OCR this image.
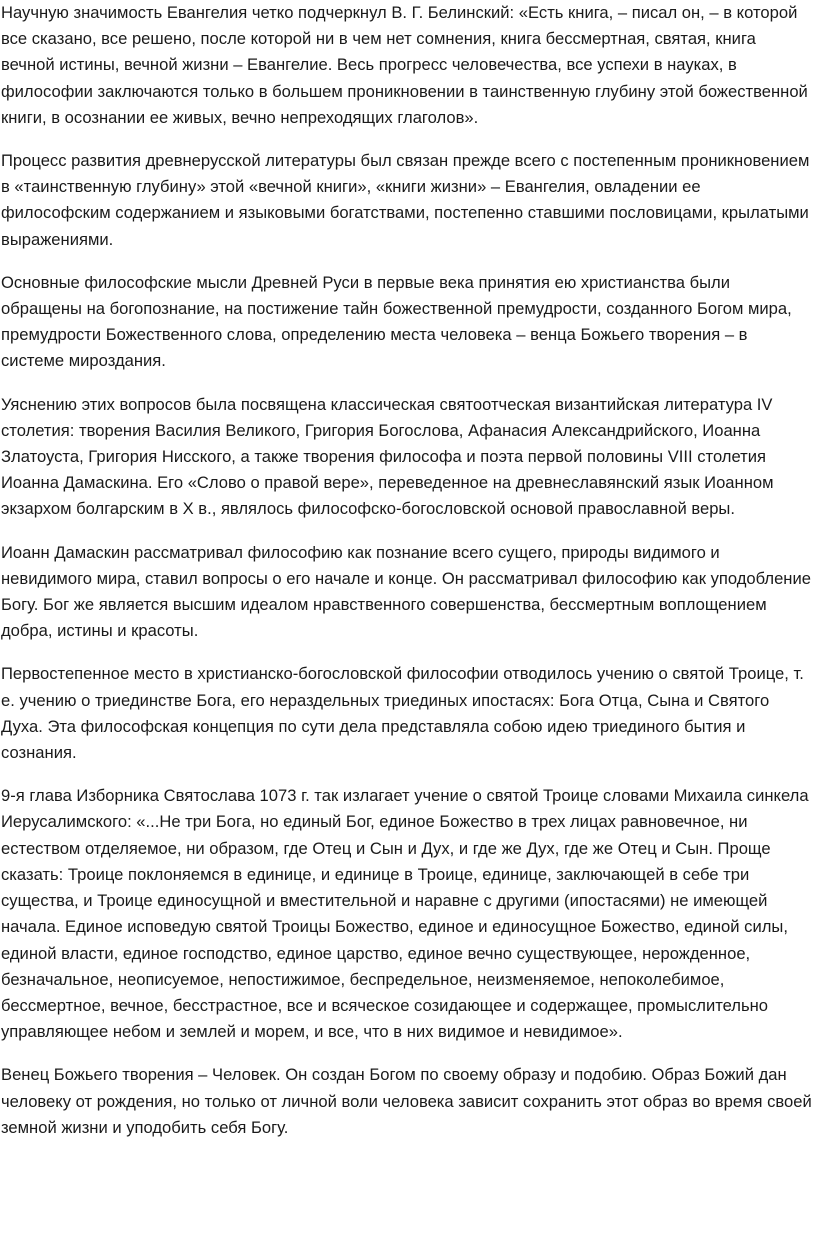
Научную значимость Евангелия четко подчеркнул В. Г. Белинский: «Есть книга, – писал он, – в которой все сказано, все решено, после которой ни в чем нет сомнения, книга бессмертная, святая, книга вечной истины, вечной жизни – Евангелие. Весь прогресс человечества, все успехи в науках, в философии заключаются только в большем проникновении в таинственную глубину этой божественной книги, в осознании ее живых, вечно непреходящих глаголов».

Процесс развития древнерусской литературы был связан прежде всего с постепенным проникновением в «таинственную глубину» этой «вечной книги», «книги жизни» – Евангелия, овладении ее философским содержанием и языковыми богатствами, постепенно ставшими пословицами, крылатыми выражениями.

Основные философские мысли Древней Руси в первые века принятия ею христианства были обращены на богопознание, на постижение тайн божественной премудрости, созданного Богом мира, премудрости Божественного слова, определению места человека – венца Божьего творения – в системе мироздания.

Уяснению этих вопросов была посвящена классическая святоотческая византийская литература IV столетия: творения Василия Великого, Григория Богослова, Афанасия Александрийского, Иоанна Златоуста, Григория Нисского, а также творения философа и поэта первой половины VIII столетия Иоанна Дамаскина. Его «Слово о правой вере», переведенное на древнеславянский язык Иоанном экзархом болгарским в X в., являлось философско-богословской основой православной веры.

Иоанн Дамаскин рассматривал философию как познание всего сущего, природы видимого и невидимого мира, ставил вопросы о его начале и конце. Он рассматривал философию как уподобление Богу. Бог же является высшим идеалом нравственного совершенства, бессмертным воплощением добра, истины и красоты.

Первостепенное место в христианско-богословской философии отводилось учению о святой Троице, т. е. учению о триединстве Бога, его нераздельных триединых ипостасях: Бога Отца, Сына и Святого Духа. Эта философская концепция по сути дела представляла собою идею триединого бытия и сознания.

9-я глава Изборника Святослава 1073 г. так излагает учение о святой Троице словами Михаила синкела Иерусалимского: «...Не три Бога, но единый Бог, единое Божество в трех лицах равновечное, ни естеством отделяемое, ни образом, где Отец и Сын и Дух, и где же Дух, где же Отец и Сын. Проще сказать: Троице поклоняемся в единице, и единице в Троице, единице, заключающей в себе три существа, и Троице единосущной и вместительной и наравне с другими (ипостасями) не имеющей начала. Единое исповедую святой Троицы Божество, единое и единосущное Божество, единой силы, единой власти, единое господство, единое царство, единое вечно существующее, нерожденное, безначальное, неописуемое, непостижимое, беспредельное, неизменяемое, непоколебимое, бессмертное, вечное, бесстрастное, все и всяческое созидающее и содержащее, промыслительно управляющее небом и землей и морем, и все, что в них видимое и невидимое».

Венец Божьего творения – Человек. Он создан Богом по своему образу и подобию. Образ Божий дан человеку от рождения, но только от личной воли человека зависит сохранить этот образ во время своей земной жизни и уподобить себя Богу.
